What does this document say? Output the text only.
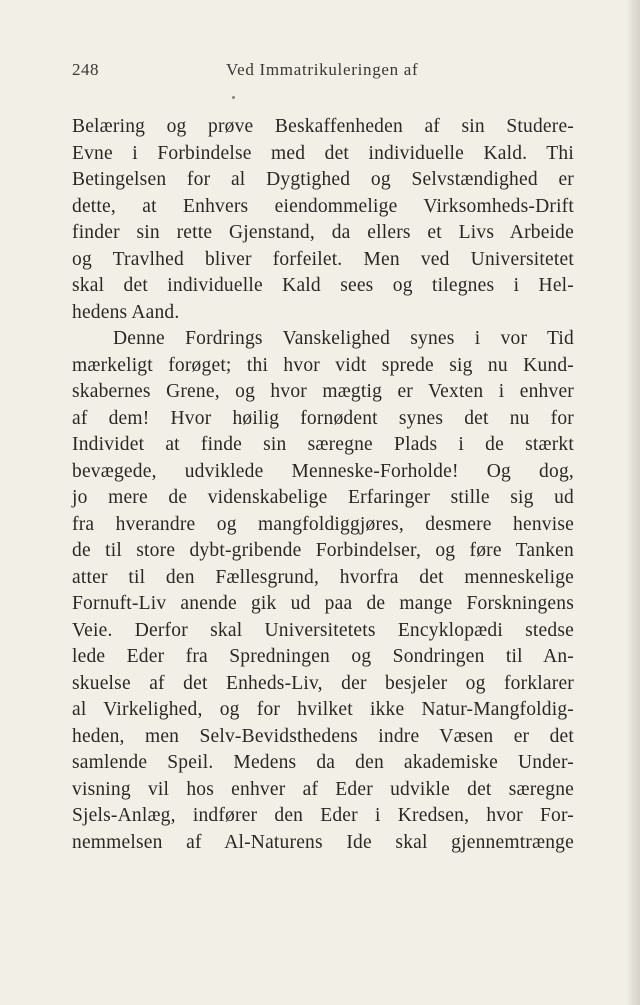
248	Ved Immatrikuleringen af
Belæring og prøve Beskaffenheden af sin Studere-
Evne i Forbindelse med det individuelle Kald. Thi
Betingelsen for al Dygtighed og Selvstændighed er
dette, at Enhvers eiendommelige Virksomheds-Drift
finder sin rette Gjenstand, da ellers et Livs Arbeide
og Travlhed bliver forfeilet. Men ved Universitetet
skal det individuelle Kald sees og tilegnes i Hel-
hedens Aand.
Denne Fordrings Vanskelighed synes i vor Tid
mærkeligt forøget; thi hvor vidt sprede sig nu Kund-
skabernes Grene, og hvor mægtig er Vexten i enhver
af dem! Hvor høilig fornødent synes det nu for
Individet at finde sin særegne Plads i de stærkt
bevægede, udviklede Menneske-Forholde! Og dog,
jo mere de videnskabelige Erfaringer stille sig ud
fra hverandre og mangfoldiggjøres, desmere henvise
de til store dybt-gribende Forbindelser, og føre Tanken
atter til den Fællesgrund, hvorfra det menneskelige
Fornuft-Liv anende gik ud paa de mange Forskningens
Veie. Derfor skal Universitetets Encyklopædi stedse
lede Eder fra Spredningen og Sondringen til An-
skuelse af det Enheds-Liv, der besjeler og forklarer
al Virkelighed, og for hvilket ikke Natur-Mangfoldig-
heden, men Selv-Bevidsthedens indre Væsen er det
samlende Speil. Medens da den akademiske Under-
visning vil hos enhver af Eder udvikle det særegne
Sjels-Anlæg, indfører den Eder i Kredsen, hvor For-
nemmelsen af Al-Naturens Ide skal gjennemtrænge
